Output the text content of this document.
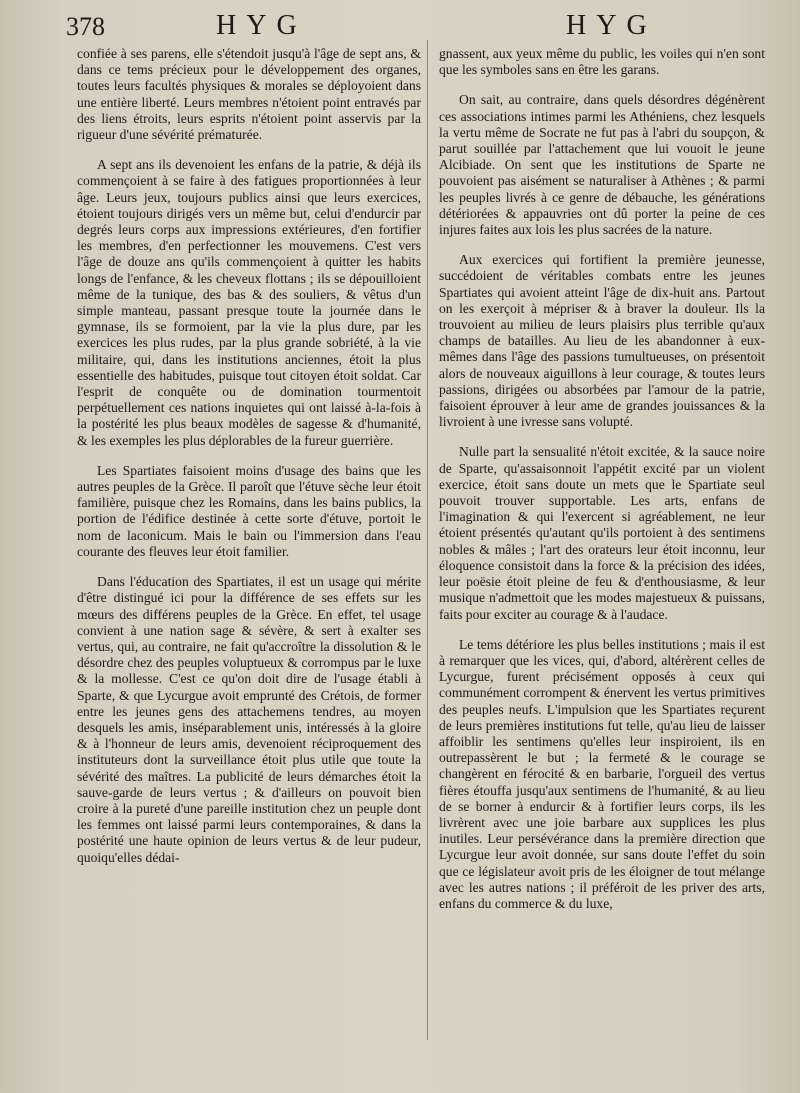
378	HYG	HYG

confiée à ses parens, elle s'étendoit jusqu'à l'âge de sept ans, & dans ce tems précieux pour le développement des organes, toutes leurs facultés physiques & morales se déployoient dans une entière liberté. Leurs membres n'étoient point entravés par des liens étroits, leurs esprits n'étoient point asservis par la rigueur d'une sévérité prématurée.

A sept ans ils devenoient les enfans de la patrie, & déjà ils commençoient à se faire à des fatigues proportionnées à leur âge. Leurs jeux, toujours publics ainsi que leurs exercices, étoient toujours dirigés vers un même but, celui d'endurcir par degrés leurs corps aux impressions extérieures, d'en fortifier les membres, d'en perfectionner les mouvemens. C'est vers l'âge de douze ans qu'ils commençoient à quitter les habits longs de l'enfance, & les cheveux flottans ; ils se dépouilloient même de la tunique, des bas & des souliers, & vêtus d'un simple manteau, passant presque toute la journée dans le gymnase, ils se formoient, par la vie la plus dure, par les exercices les plus rudes, par la plus grande sobriété, à la vie militaire, qui, dans les institutions anciennes, étoit la plus essentielle des habitudes, puisque tout citoyen étoit soldat. Car l'esprit de conquête ou de domination tourmentoit perpétuellement ces nations inquietes qui ont laissé à-la-fois à la postérité les plus beaux modèles de sagesse & d'humanité, & les exemples les plus déplorables de la fureur guerrière.

Les Spartiates faisoient moins d'usage des bains que les autres peuples de la Grèce. Il paroît que l'étuve sèche leur étoit familière, puisque chez les Romains, dans les bains publics, la portion de l'édifice destinée à cette sorte d'étuve, portoit le nom de laconicum. Mais le bain ou l'immersion dans l'eau courante des fleuves leur étoit familier.

Dans l'éducation des Spartiates, il est un usage qui mérite d'être distingué ici pour la différence de ses effets sur les mœurs des différens peuples de la Grèce. En effet, tel usage convient à une nation sage & sévère, & sert à exalter ses vertus, qui, au contraire, ne fait qu'accroître la dissolution & le désordre chez des peuples voluptueux & corrompus par le luxe & la mollesse. C'est ce qu'on doit dire de l'usage établi à Sparte, & que Lycurgue avoit emprunté des Crétois, de former entre les jeunes gens des attachemens tendres, au moyen desquels les amis, inséparablement unis, intéressés à la gloire & à l'honneur de leurs amis, devenoient réciproquement des instituteurs dont la surveillance étoit plus utile que toute la sévérité des maîtres. La publicité de leurs démarches étoit la sauve-garde de leurs vertus ; & d'ailleurs on pouvoit bien croire à la pureté d'une pareille institution chez un peuple dont les femmes ont laissé parmi leurs contemporaines, & dans la postérité une haute opinion de leurs vertus & de leur pudeur, quoiqu'elles dédai-

gnassent, aux yeux même du public, les voiles qui n'en sont que les symboles sans en être les garans.

On sait, au contraire, dans quels désordres dégénèrent ces associations intimes parmi les Athéniens, chez lesquels la vertu même de Socrate ne fut pas à l'abri du soupçon, & parut souillée par l'attachement que lui vouoit le jeune Alcibiade. On sent que les institutions de Sparte ne pouvoient pas aisément se naturaliser à Athènes ; & parmi les peuples livrés à ce genre de débauche, les générations détériorées & appauvries ont dû porter la peine de ces injures faites aux lois les plus sacrées de la nature.

Aux exercices qui fortifient la première jeunesse, succédoient de véritables combats entre les jeunes Spartiates qui avoient atteint l'âge de dix-huit ans. Partout on les exerçoit à mépriser & à braver la douleur. Ils la trouvoient au milieu de leurs plaisirs plus terrible qu'aux champs de batailles. Au lieu de les abandonner à eux-mêmes dans l'âge des passions tumultueuses, on présentoit alors de nouveaux aiguillons à leur courage, & toutes leurs passions, dirigées ou absorbées par l'amour de la patrie, faisoient éprouver à leur ame de grandes jouissances & la livroient à une ivresse sans volupté.

Nulle part la sensualité n'étoit excitée, & la sauce noire de Sparte, qu'assaisonnoit l'appétit excité par un violent exercice, étoit sans doute un mets que le Spartiate seul pouvoit trouver supportable. Les arts, enfans de l'imagination & qui l'exercent si agréablement, ne leur étoient présentés qu'autant qu'ils portoient à des sentimens nobles & mâles ; l'art des orateurs leur étoit inconnu, leur éloquence consistoit dans la force & la précision des idées, leur poësie étoit pleine de feu & d'enthousiasme, & leur musique n'admettoit que les modes majestueux & puissans, faits pour exciter au courage & à l'audace.

Le tems détériore les plus belles institutions ; mais il est à remarquer que les vices, qui, d'abord, altérèrent celles de Lycurgue, furent précisément opposés à ceux qui communément corrompent & énervent les vertus primitives des peuples neufs. L'impulsion que les Spartiates reçurent de leurs premières institutions fut telle, qu'au lieu de laisser affoiblir les sentimens qu'elles leur inspiroient, ils en outrepassèrent le but ; la fermeté & le courage se changèrent en férocité & en barbarie, l'orgueil des vertus fières étouffa jusqu'aux sentimens de l'humanité, & au lieu de se borner à endurcir & à fortifier leurs corps, ils les livrèrent avec une joie barbare aux supplices les plus inutiles. Leur persévérance dans la première direction que Lycurgue leur avoit donnée, sur sans doute l'effet du soin que ce législateur avoit pris de les éloigner de tout mélange avec les autres nations ; il préféroit de les priver des arts, enfans du commerce & du luxe,
